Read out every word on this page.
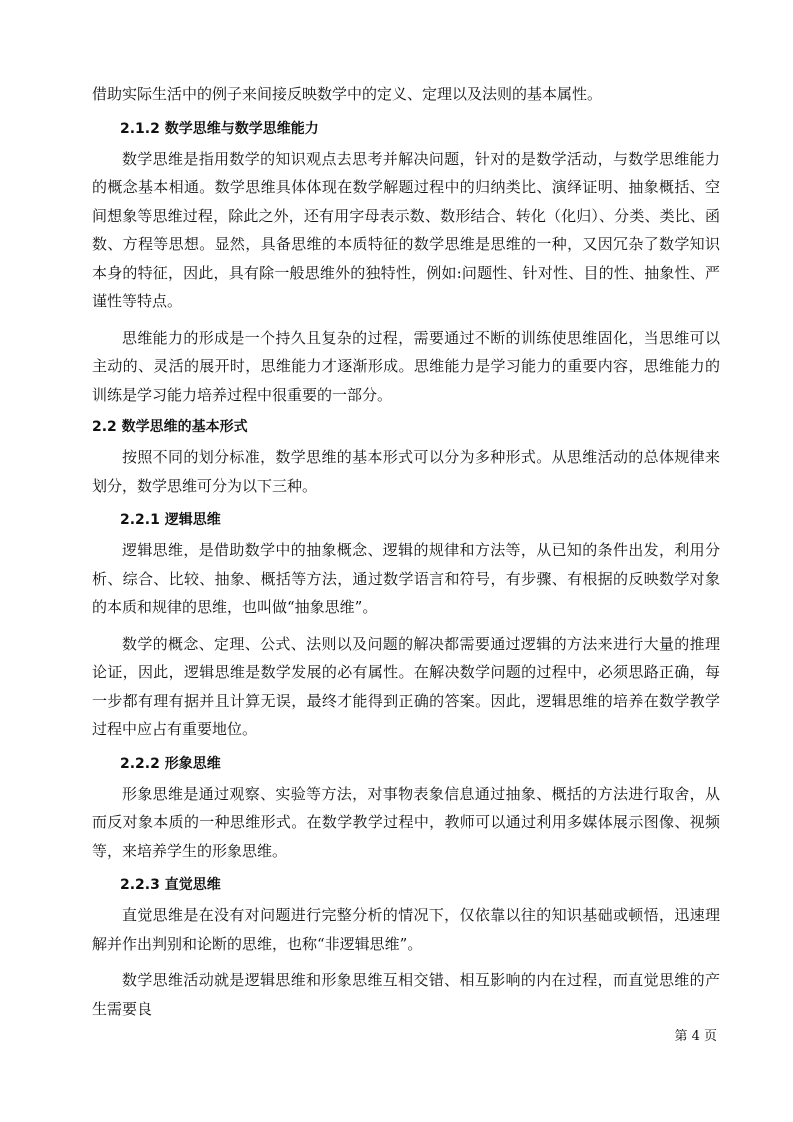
借助实际生活中的例子来间接反映数学中的定义、定理以及法则的基本属性。

2.1.2 数学思维与数学思维能力

数学思维是指用数学的知识观点去思考并解决问题，针对的是数学活动，与数学思维能力的概念基本相通。数学思维具体体现在数学解题过程中的归纳类比、演绎证明、抽象概括、空间想象等思维过程，除此之外，还有用字母表示数、数形结合、转化（化归）、分类、类比、函数、方程等思想。显然，具备思维的本质特征的数学思维是思维的一种，又因冗杂了数学知识本身的特征，因此，具有除一般思维外的独特性，例如:问题性、针对性、目的性、抽象性、严谨性等特点。

思维能力的形成是一个持久且复杂的过程，需要通过不断的训练使思维固化，当思维可以主动的、灵活的展开时，思维能力才逐渐形成。思维能力是学习能力的重要内容，思维能力的训练是学习能力培养过程中很重要的一部分。

2.2 数学思维的基本形式

按照不同的划分标准，数学思维的基本形式可以分为多种形式。从思维活动的总体规律来划分，数学思维可分为以下三种。

2.2.1 逻辑思维

逻辑思维，是借助数学中的抽象概念、逻辑的规律和方法等，从已知的条件出发，利用分析、综合、比较、抽象、概括等方法，通过数学语言和符号，有步骤、有根据的反映数学对象的本质和规律的思维，也叫做“抽象思维”。

数学的概念、定理、公式、法则以及问题的解决都需要通过逻辑的方法来进行大量的推理论证，因此，逻辑思维是数学发展的必有属性。在解决数学问题的过程中，必须思路正确，每一步都有理有据并且计算无误，最终才能得到正确的答案。因此，逻辑思维的培养在数学教学过程中应占有重要地位。

2.2.2 形象思维

形象思维是通过观察、实验等方法，对事物表象信息通过抽象、概括的方法进行取舍，从而反对象本质的一种思维形式。在数学教学过程中，教师可以通过利用多媒体展示图像、视频等，来培养学生的形象思维。

2.2.3 直觉思维

直觉思维是在没有对问题进行完整分析的情况下，仅依靠以往的知识基础或顿悟，迅速理解并作出判别和论断的思维，也称“非逻辑思维”。

数学思维活动就是逻辑思维和形象思维互相交错、相互影响的内在过程，而直觉思维的产生需要良

第 4 页
